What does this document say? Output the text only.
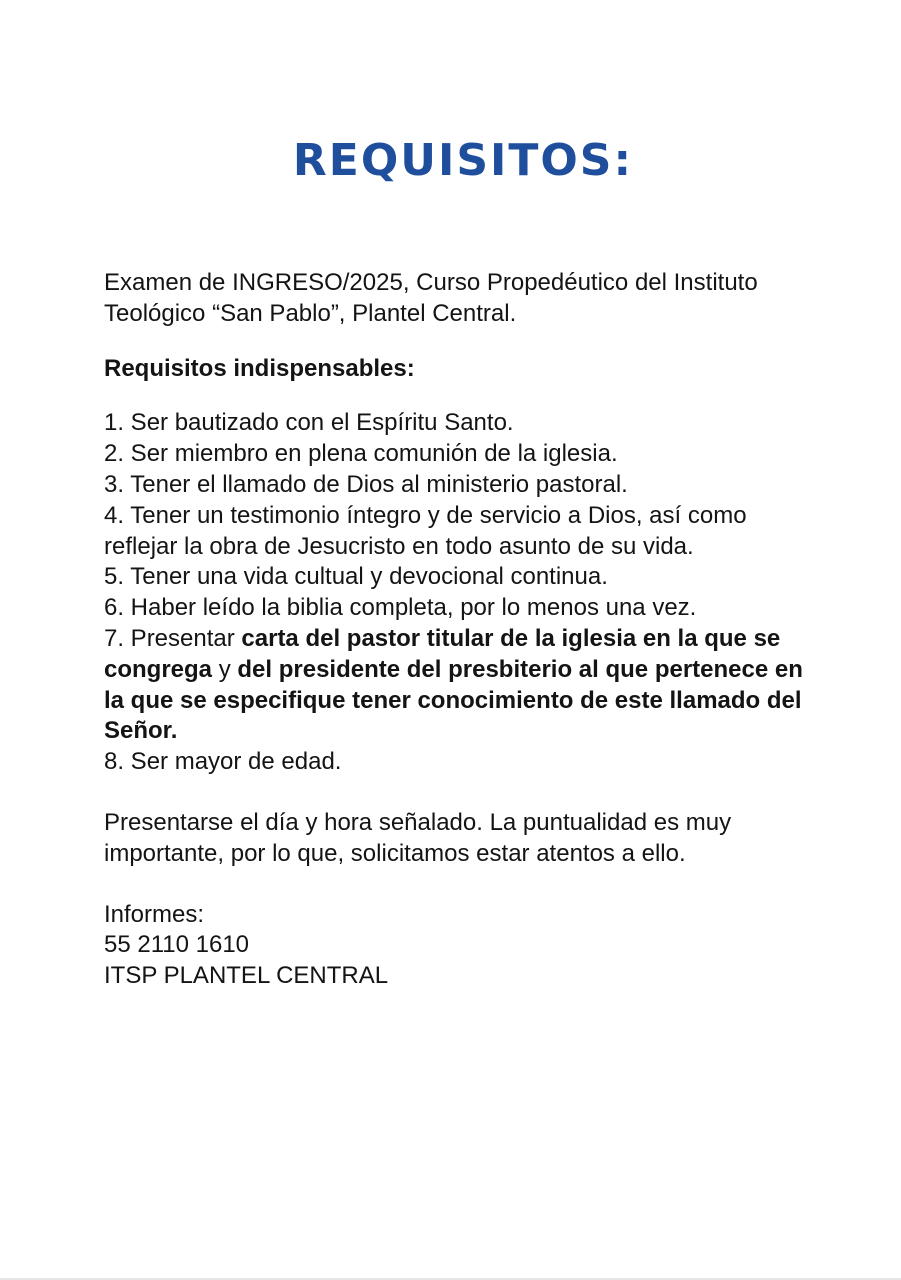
REQUISITOS:

Examen de INGRESO/2025, Curso Propedéutico del Instituto Teológico “San Pablo”, Plantel Central.

Requisitos indispensables:

1. Ser bautizado con el Espíritu Santo.
2. Ser miembro en plena comunión de la iglesia.
3. Tener el llamado de Dios al ministerio pastoral.
4. Tener un testimonio íntegro y de servicio a Dios, así como reflejar la obra de Jesucristo en todo asunto de su vida.
5. Tener una vida cultual y devocional continua.
6. Haber leído la biblia completa, por lo menos una vez.
7. Presentar carta del pastor titular de la iglesia en la que se congrega y del presidente del presbiterio al que pertenece en la que se especifique tener conocimiento de este llamado del Señor.
8. Ser mayor de edad.

Presentarse el día y hora señalado. La puntualidad es muy importante, por lo que, solicitamos estar atentos a ello.

Informes:

55 2110 1610

ITSP PLANTEL CENTRAL
